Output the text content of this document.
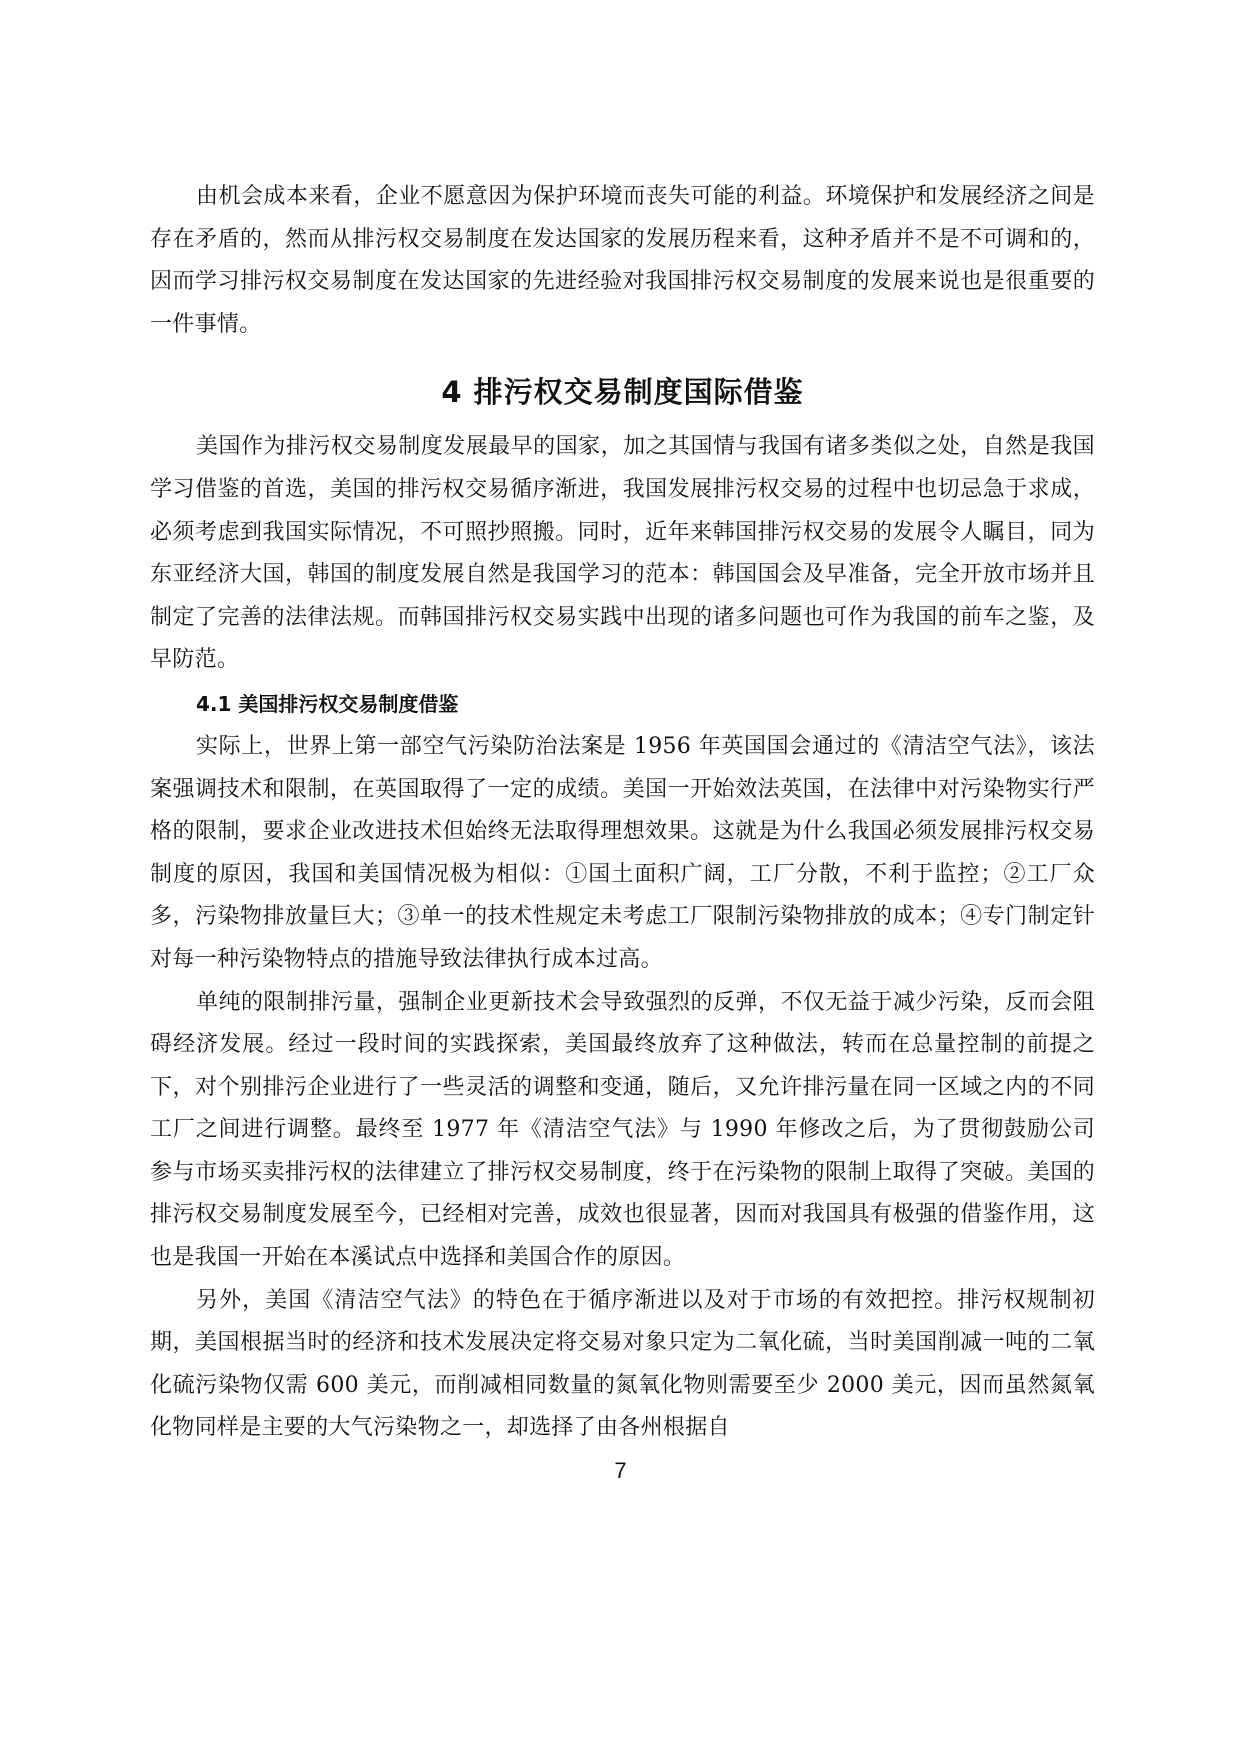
由机会成本来看，企业不愿意因为保护环境而丧失可能的利益。环境保护和发展经济之间是存在矛盾的，然而从排污权交易制度在发达国家的发展历程来看，这种矛盾并不是不可调和的，因而学习排污权交易制度在发达国家的先进经验对我国排污权交易制度的发展来说也是很重要的一件事情。

4 排污权交易制度国际借鉴

美国作为排污权交易制度发展最早的国家，加之其国情与我国有诸多类似之处，自然是我国学习借鉴的首选，美国的排污权交易循序渐进，我国发展排污权交易的过程中也切忌急于求成，必须考虑到我国实际情况，不可照抄照搬。同时，近年来韩国排污权交易的发展令人瞩目，同为东亚经济大国，韩国的制度发展自然是我国学习的范本：韩国国会及早准备，完全开放市场并且制定了完善的法律法规。而韩国排污权交易实践中出现的诸多问题也可作为我国的前车之鉴，及早防范。

4.1 美国排污权交易制度借鉴

实际上，世界上第一部空气污染防治法案是 1956 年英国国会通过的《清洁空气法》，该法案强调技术和限制，在英国取得了一定的成绩。美国一开始效法英国，在法律中对污染物实行严格的限制，要求企业改进技术但始终无法取得理想效果。这就是为什么我国必须发展排污权交易制度的原因，我国和美国情况极为相似：①国土面积广阔，工厂分散，不利于监控；②工厂众多，污染物排放量巨大；③单一的技术性规定未考虑工厂限制污染物排放的成本；④专门制定针对每一种污染物特点的措施导致法律执行成本过高。

单纯的限制排污量，强制企业更新技术会导致强烈的反弹，不仅无益于减少污染，反而会阻碍经济发展。经过一段时间的实践探索，美国最终放弃了这种做法，转而在总量控制的前提之下，对个别排污企业进行了一些灵活的调整和变通，随后，又允许排污量在同一区域之内的不同工厂之间进行调整。最终至 1977 年《清洁空气法》与 1990 年修改之后，为了贯彻鼓励公司参与市场买卖排污权的法律建立了排污权交易制度，终于在污染物的限制上取得了突破。美国的排污权交易制度发展至今，已经相对完善，成效也很显著，因而对我国具有极强的借鉴作用，这也是我国一开始在本溪试点中选择和美国合作的原因。

另外，美国《清洁空气法》的特色在于循序渐进以及对于市场的有效把控。排污权规制初期，美国根据当时的经济和技术发展决定将交易对象只定为二氧化硫，当时美国削减一吨的二氧化硫污染物仅需 600 美元，而削减相同数量的氮氧化物则需要至少 2000 美元，因而虽然氮氧化物同样是主要的大气污染物之一，却选择了由各州根据自

7
